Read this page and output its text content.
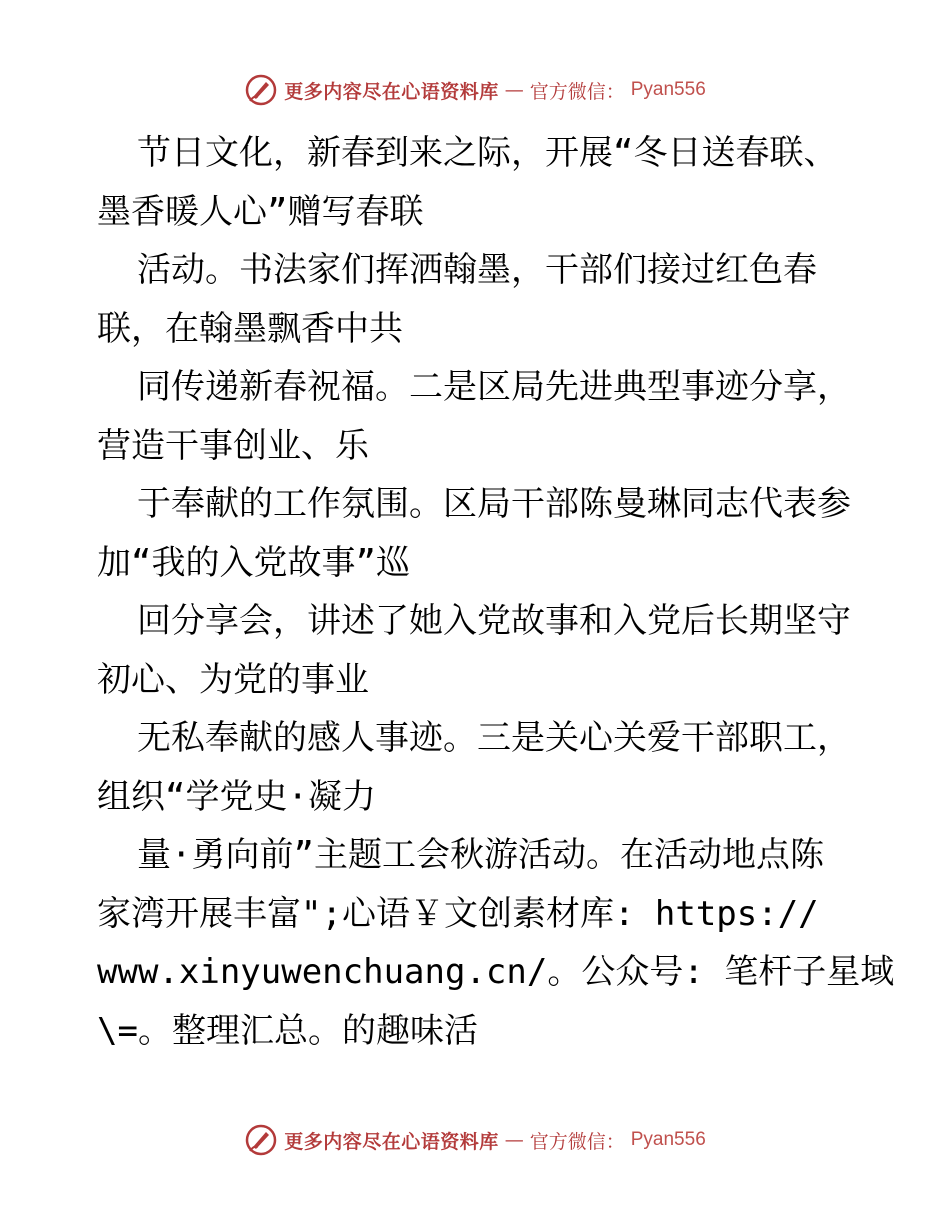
更多内容尽在心语资料库 — 官方微信： Pyan556
节日文化，新春到来之际，开展“冬日送春联、
墨香暖人心”赠写春联
活动。书法家们挥洒翰墨，干部们接过红色春
联，在翰墨飘香中共
同传递新春祝福。二是区局先进典型事迹分享，
营造干事创业、乐
于奉献的工作氛围。区局干部陈曼琳同志代表参
加“我的入党故事”巡
回分享会，讲述了她入党故事和入党后长期坚守
初心、为党的事业
无私奉献的感人事迹。三是关心关爱干部职工，
组织“学党史·凝力
量·勇向前”主题工会秋游活动。在活动地点陈
家湾开展丰富";心语￥文创素材库: https://
www.xinyuwenchuang.cn/。公众号: 笔杆子星域
\=。整理汇总。的趣味活
更多内容尽在心语资料库 — 官方微信： Pyan556
